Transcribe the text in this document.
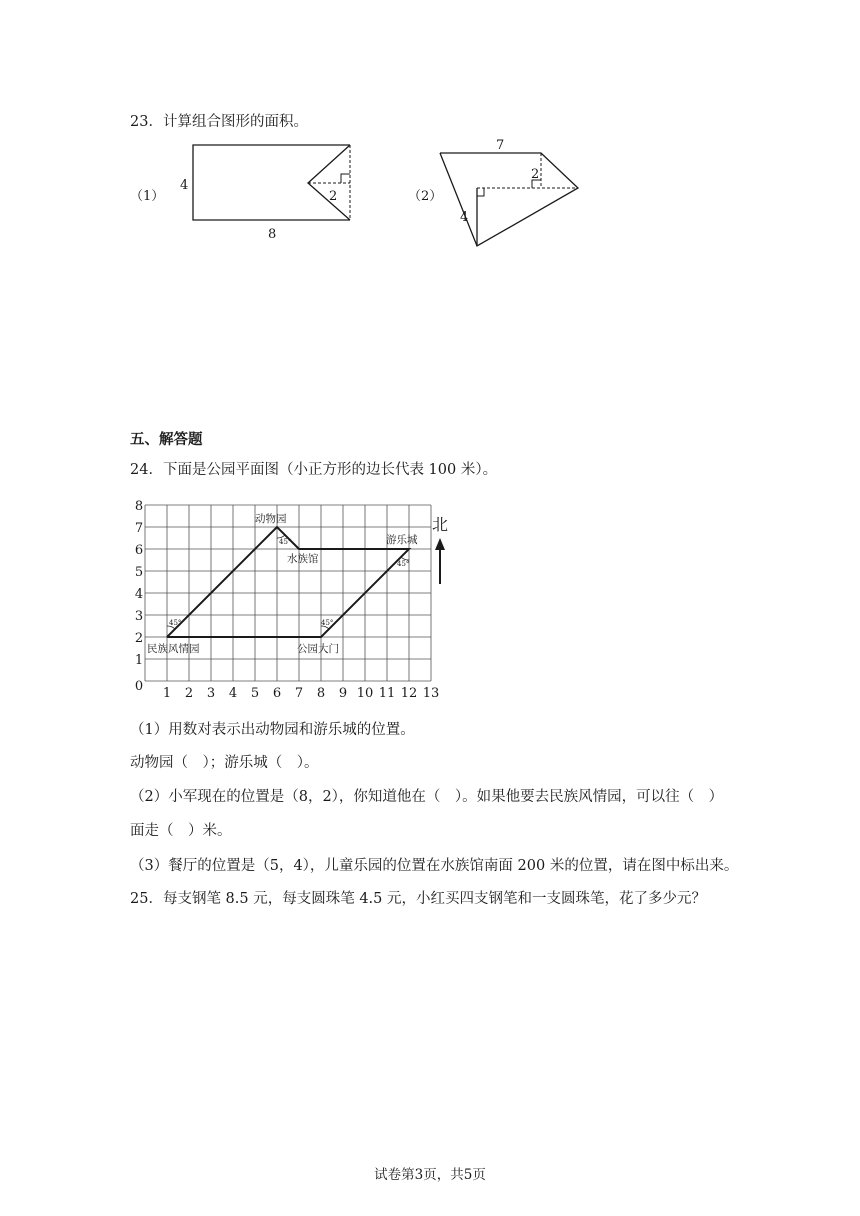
23．计算组合图形的面积。
（1）
4
8
2	（2）
7
2
4
五、解答题
24．下面是公园平面图（小正方形的边长代表 100 米）。
1 2 3 4 5 6 7 8 9 10 11 12 13
0
1
2
3
4
5
6
7
8
45°	45°
45°
45°
动物园
水族馆
游乐城
民族风情园	公园大门
北
（1）用数对表示出动物园和游乐城的位置。
动物园（　）；游乐城（　）。
（2）小军现在的位置是（8，2），你知道他在（　）。如果他要去民族风情园，可以往（　）
面走（　）米。
（3）餐厅的位置是（5，4），儿童乐园的位置在水族馆南面 200 米的位置，请在图中标出来。
25．每支钢笔 8.5 元，每支圆珠笔 4.5 元，小红买四支钢笔和一支圆珠笔，花了多少元？
试卷第3页，共5页
